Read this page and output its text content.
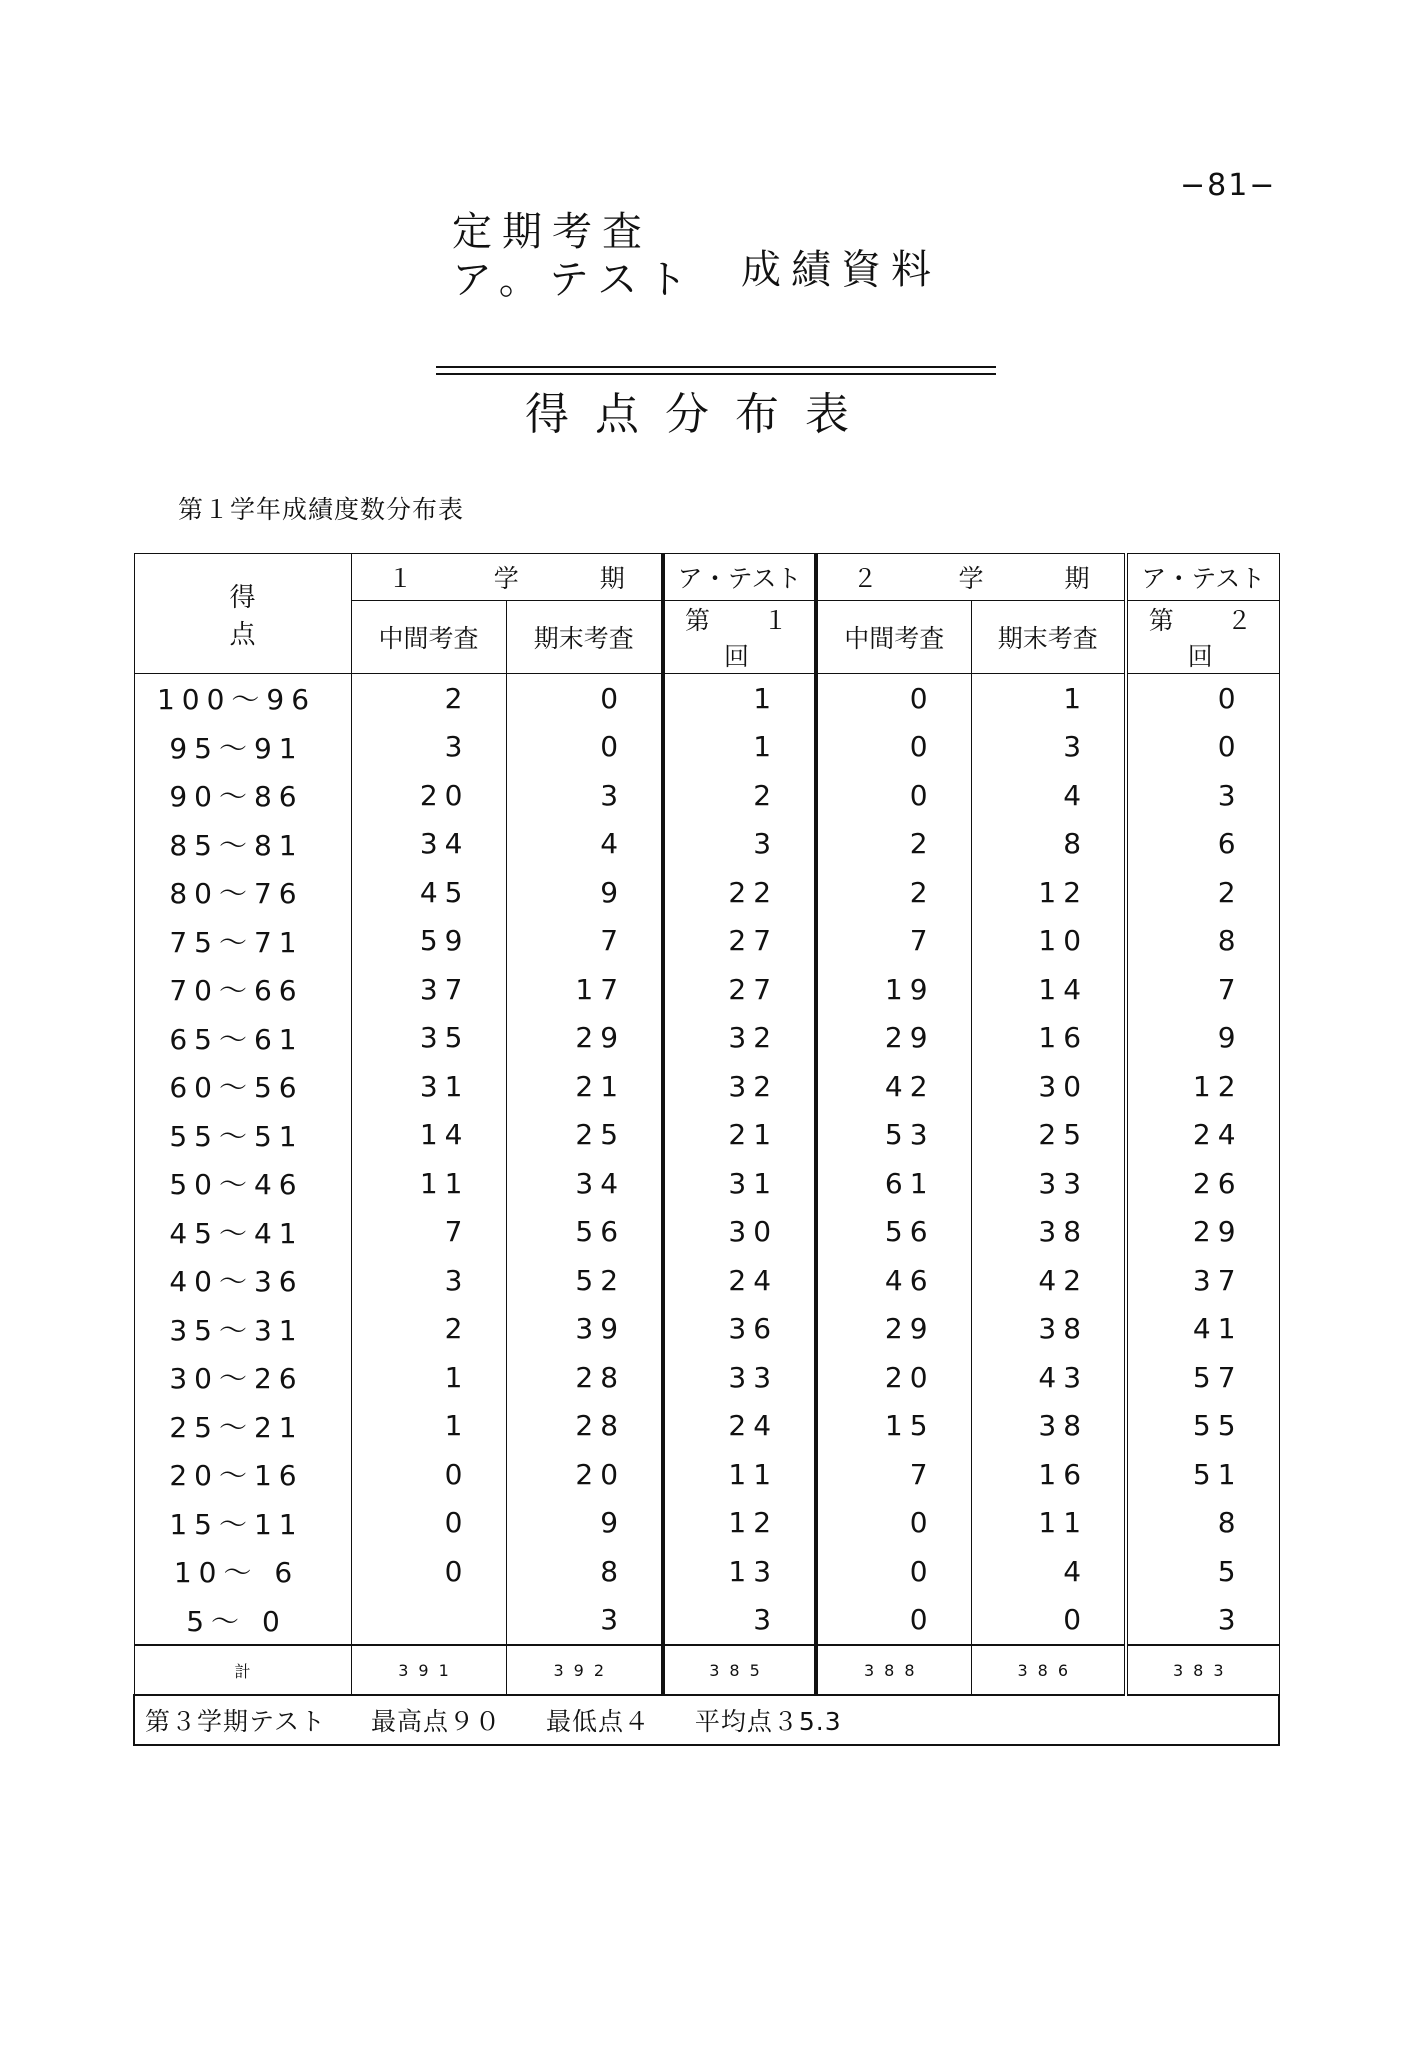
−81−
定期考査
ア。テスト 成績資料
得点分布表
第１学年成績度数分布表
得　点	１　学　期		ア・テスト	２　学　期		ア・テスト
	中間考査	期末考査	第　１　回	中間考査	期末考査	第　２　回
100〜96	2	0	1	0	1	0
95〜91	3	0	1	0	3	0
90〜86	20	3	2	0	4	3
85〜81	34	4	3	2	8	6
80〜76	45	9	22	2	12	2
75〜71	59	7	27	7	10	8
70〜66	37	17	27	19	14	7
65〜61	35	29	32	29	16	9
60〜56	31	21	32	42	30	12
55〜51	14	25	21	53	25	24
50〜46	11	34	31	61	33	26
45〜41	7	56	30	56	38	29
40〜36	3	52	24	46	42	37
35〜31	2	39	36	29	38	41
30〜26	1	28	33	20	43	57
25〜21	1	28	24	15	38	55
20〜16	0	20	11	7	16	51
15〜11	0	9	12	0	11	8
10〜 6	0	8	13	0	4	5
5〜 0		3	3	0	0	3
計	391	392	385	388	386	383
第３学期テスト 最高点９０ 最低点４ 平均点３5.3						
